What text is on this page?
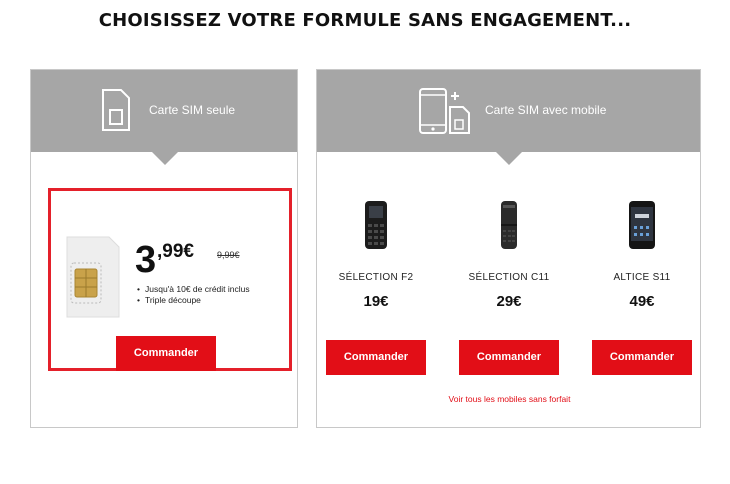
CHOISISSEZ VOTRE FORMULE SANS ENGAGEMENT...
Carte SIM seule
3 ,99€	9,99€
• Jusqu'à 10€ de crédit inclus
• Triple découpe
Commander
Carte SIM avec mobile
SÉLECTION F2
19€
Commander
SÉLECTION C11
29€
Commander
ALTICE S11
49€
Commander
Voir tous les mobiles sans forfait
